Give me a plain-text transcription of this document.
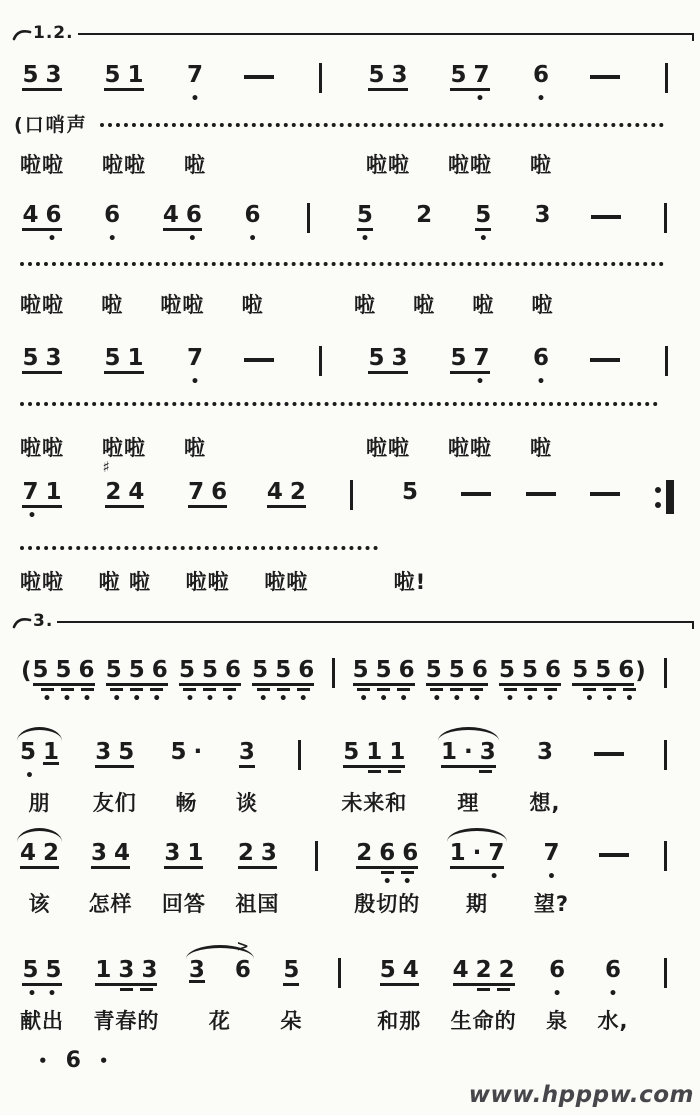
1.2.
(口哨声
5 3
啦啦
5 1
啦啦
7
•
啦
5 3
啦啦
5 7
•
啦啦
6
•
啦
4 6
•
啦啦
6
•
啦
4 6
•
啦啦
6
•
啦
5
•
啦
2
啦
5
•
啦
3
啦
5 3
啦啦
5 1
啦啦
7
•
啦
5 3
啦啦
5 7
•
啦啦
6
•
啦
7 1
•
啦啦
♯
2 4
啦 啦
7 6
啦啦
4 2
啦啦
5
啦!
( 5 5 6
• • •
5 5 6
• • •
5 5 6
• • •
5 5 6
• • •
5 5 6
• • •
5 5 6
• • •
5 5 6
• • •
5 5 6 )
• • •
5 1
•
朋
3 5
友们
5 ·
畅
3
谈
5 1 1
未来和
1 · 3
理
3
想,
4 2
该
3 4
怎样
3 1
回答
2 3
祖国
2 6 6
• •
殷切的
1 · 7
•
期
7
•
望?
5 5
• •
献出
1 3 3
青春的
>
3 6
花
5
朵
5 4
和那
4 2 2
生命的
6
•
泉
6
•
水,
3.
• 6 •
www.hpppw.com
